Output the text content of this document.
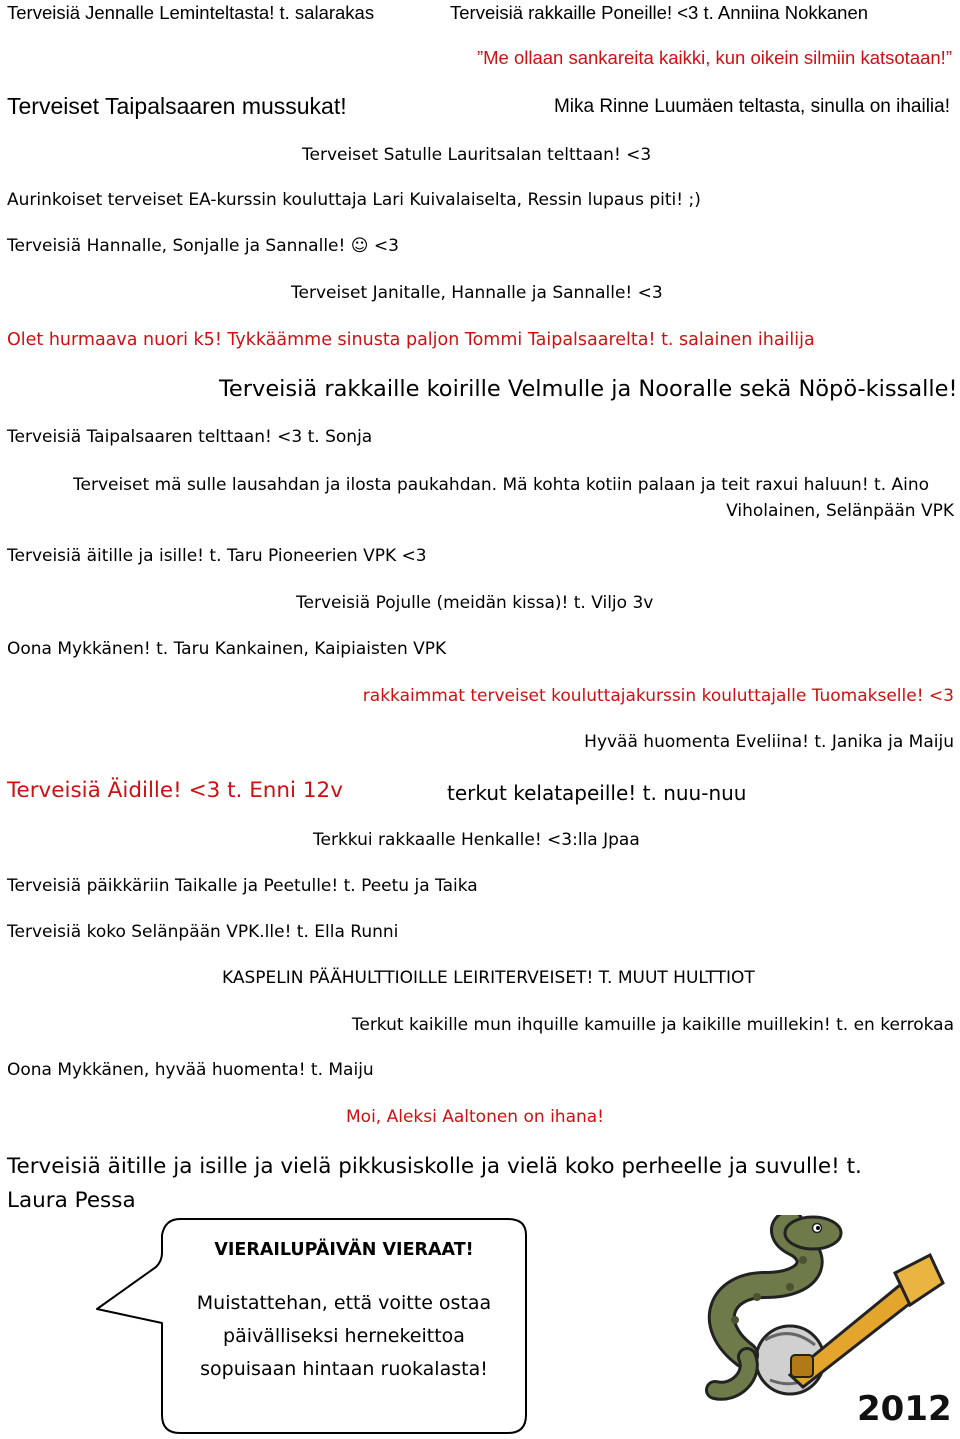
Terveisiä Jennalle Leminteltasta! t. salarakas	Terveisiä rakkaille Poneille! <3 t. Anniina Nokkanen
”Me ollaan sankareita kaikki, kun oikein silmiin katsotaan!”
Terveiset Taipalsaaren mussukat!	Mika Rinne Luumäen teltasta, sinulla on ihailia!
Terveiset Satulle Lauritsalan telttaan! <3
Aurinkoiset terveiset EA-kurssin kouluttaja Lari Kuivalaiselta, Ressin lupaus piti! ;)
Terveisiä Hannalle, Sonjalle ja Sannalle! ☺ <3
Terveiset Janitalle, Hannalle ja Sannalle! <3
Olet hurmaava nuori k5! Tykkäämme sinusta paljon Tommi Taipalsaarelta! t. salainen ihailija
Terveisiä rakkaille koirille Velmulle ja Nooralle sekä Nöpö-kissalle!
Terveisiä Taipalsaaren telttaan! <3 t. Sonja
Terveiset mä sulle lausahdan ja ilosta paukahdan. Mä kohta kotiin palaan ja teit raxui haluun! t. Aino
Viholainen, Selänpään VPK
Terveisiä äitille ja isille! t. Taru Pioneerien VPK <3
Terveisiä Pojulle (meidän kissa)! t. Viljo 3v
Oona Mykkänen! t. Taru Kankainen, Kaipiaisten VPK
rakkaimmat terveiset kouluttajakurssin kouluttajalle Tuomakselle! <3
Hyvää huomenta Eveliina! t. Janika ja Maiju
Terveisiä Äidille! <3 t. Enni 12v	terkut kelatapeille! t. nuu-nuu
Terkkui rakkaalle Henkalle! <3:lla Jpaa
Terveisiä päikkäriin Taikalle ja Peetulle! t. Peetu ja Taika
Terveisiä koko Selänpään VPK.lle! t. Ella Runni
KASPELIN PÄÄHULTTIOILLE LEIRITERVEISET! T. MUUT HULTTIOT
Terkut kaikille mun ihquille kamuille ja kaikille muillekin! t. en kerrokaa
Oona Mykkänen, hyvää huomenta! t. Maiju
Moi, Aleksi Aaltonen on ihana!
Terveisiä äitille ja isille ja vielä pikkusiskolle ja vielä koko perheelle ja suvulle! t.
Laura Pessa
VIERAILUPÄIVÄN VIERAAT!
Muistattehan, että voitte ostaa
päivälliseksi hernekeittoa
sopuisaan hintaan ruokalasta!
2012
